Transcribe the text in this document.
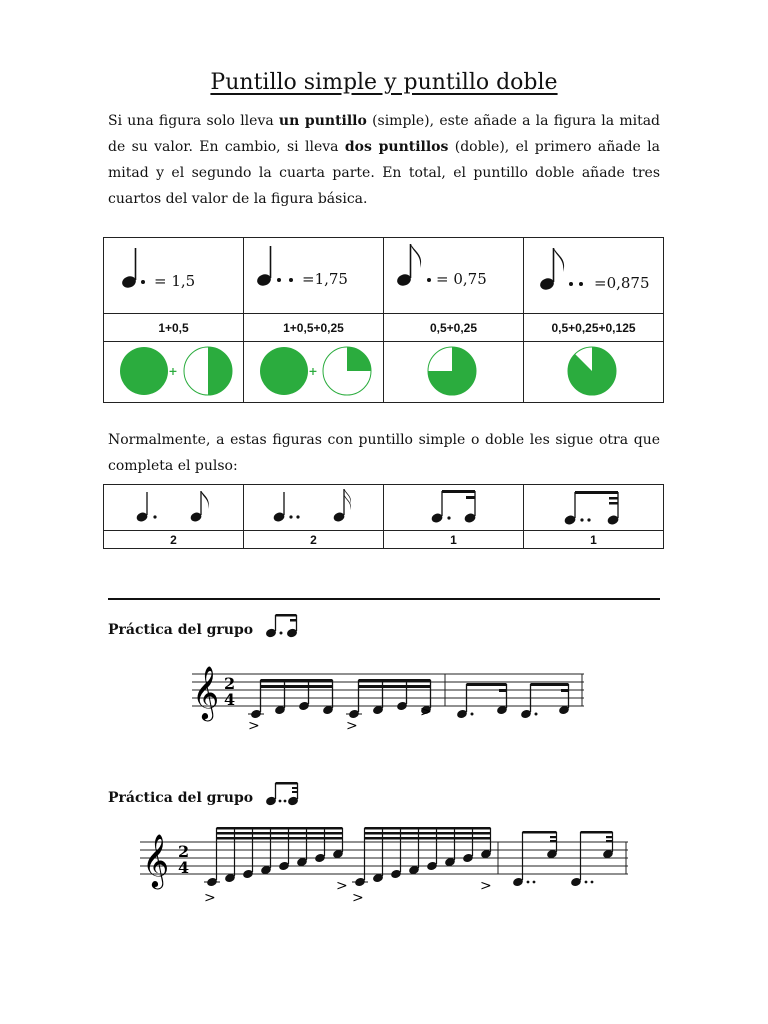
Puntillo simple y puntillo doble
Si una figura solo lleva un puntillo (simple), este añade a la figura la mitad de su valor. En cambio, si lleva dos puntillos (doble), el primero añade la mitad y el segundo la cuarta parte. En total, el puntillo doble añade tres cuartos del valor de la figura básica.
= 1,5	=1,75	= 0,75	=0,875

1+0,5	1+0,5+0,25	0,5+0,25	0,5+0,25+0,125

+	+

Normalmente, a estas figuras con puntillo simple o doble les sigue otra que completa el pulso:

2	2	1	1
Práctica del grupo
𝄞 2
4
>	>
>
Práctica del grupo
𝄞 2
4
>
>
>
>
